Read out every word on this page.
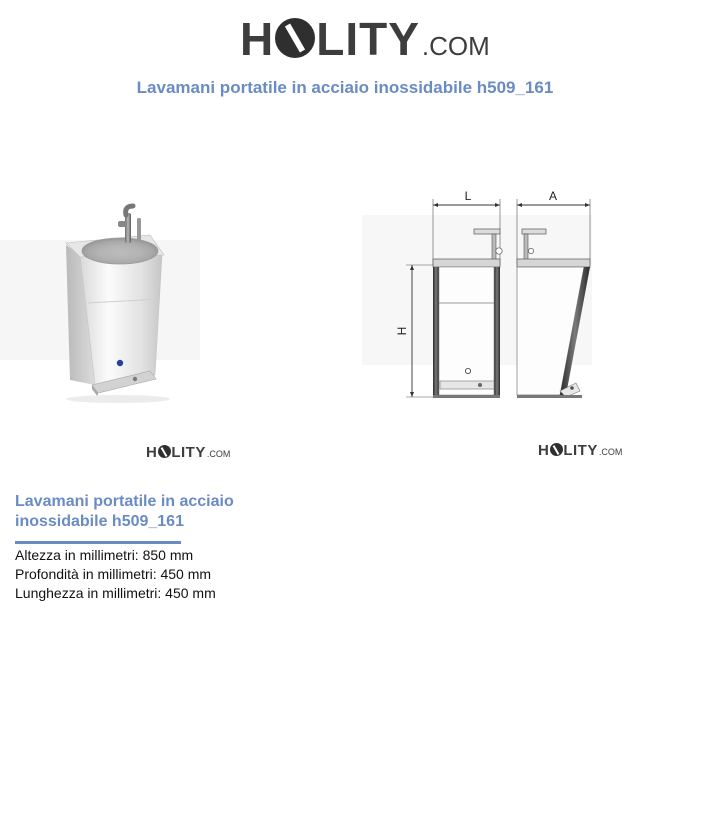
H LITY .COM
Lavamani portatile in acciaio inossidabile h509_161
L	A
H
H LITY .COM	H LITY .COM
Lavamani portatile in acciaio inossidabile h509_161
Altezza in millimetri: 850 mm
Profondità in millimetri: 450 mm
Lunghezza in millimetri: 450 mm
